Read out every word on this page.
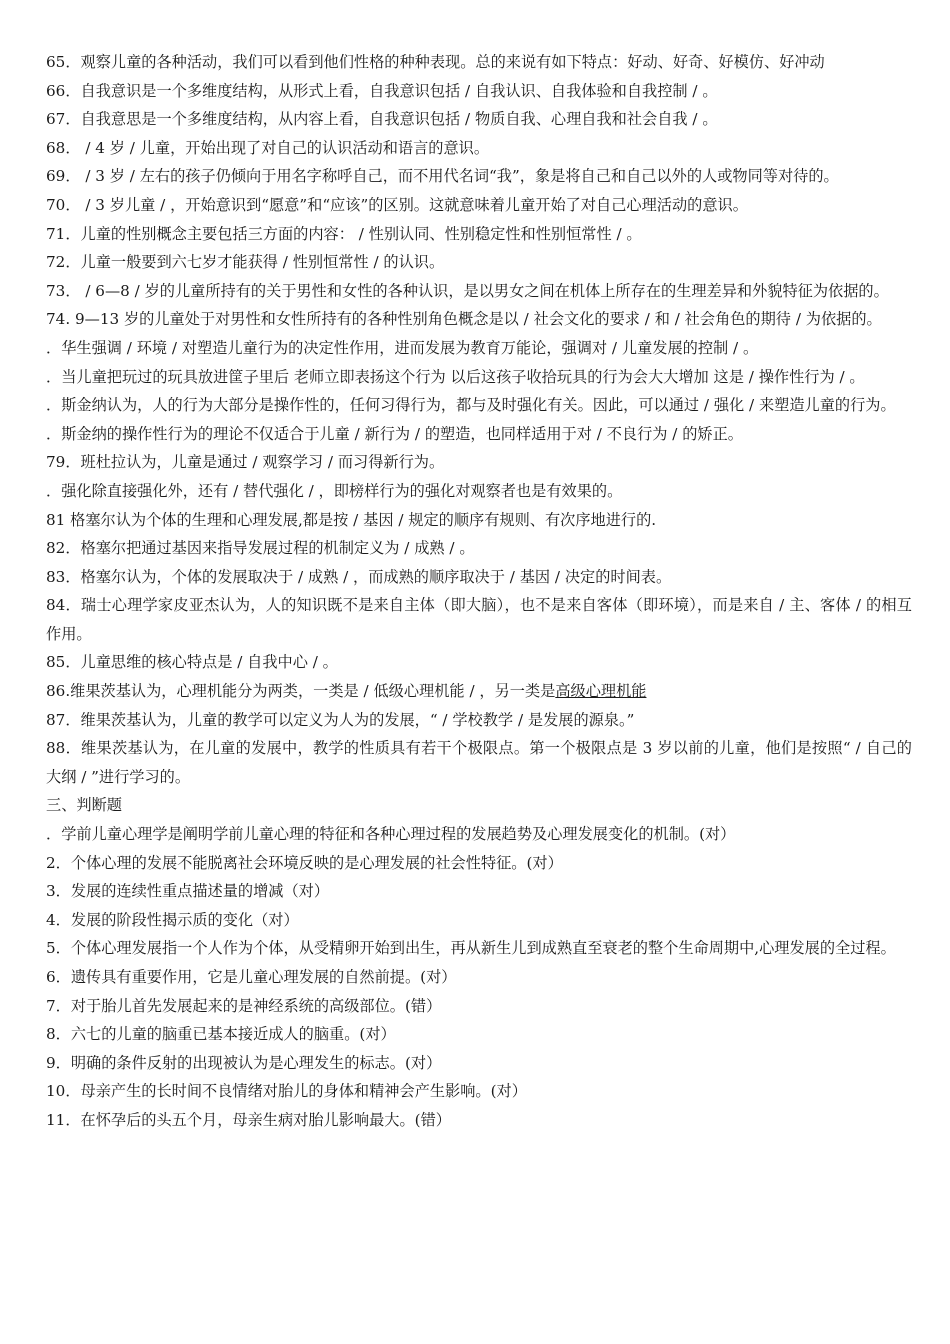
65．观察儿童的各种活动，我们可以看到他们性格的种种表现。总的来说有如下特点：好动、好奇、好模仿、好冲动

66．自我意识是一个多维度结构，从形式上看，自我意识包括 / 自我认识、自我体验和自我控制 / 。

67．自我意思是一个多维度结构，从内容上看，自我意识包括 / 物质自我、心理自我和社会自我 / 。

68． / 4 岁 / 儿童，开始出现了对自己的认识活动和语言的意识。

69． / 3 岁 / 左右的孩子仍倾向于用名字称呼自己，而不用代名词“我”，象是将自己和自己以外的人或物同等对待的。

70． / 3 岁儿童 / ，开始意识到“愿意”和“应该”的区别。这就意味着儿童开始了对自己心理活动的意识。

71．儿童的性别概念主要包括三方面的内容： / 性别认同、性别稳定性和性别恒常性 / 。

72．儿童一般要到六七岁才能获得 / 性别恒常性 / 的认识。

73． / 6—8 / 岁的儿童所持有的关于男性和女性的各种认识，是以男女之间在机体上所存在的生理差异和外貌特征为依据的。

74. 9—13 岁的儿童处于对男性和女性所持有的各种性别角色概念是以 / 社会文化的要求 / 和 / 社会角色的期待 / 为依据的。

．华生强调 / 环境 / 对塑造儿童行为的决定性作用，进而发展为教育万能论，强调对 / 儿童发展的控制 / 。

．当儿童把玩过的玩具放进筐子里后 老师立即表扬这个行为 以后这孩子收拾玩具的行为会大大增加 这是 / 操作性行为 / 。

．斯金纳认为，人的行为大部分是操作性的，任何习得行为，都与及时强化有关。因此，可以通过 / 强化 / 来塑造儿童的行为。

．斯金纳的操作性行为的理论不仅适合于儿童 / 新行为 / 的塑造，也同样适用于对 / 不良行为 / 的矫正。

79．班杜拉认为，儿童是通过 / 观察学习 / 而习得新行为。

．强化除直接强化外，还有 / 替代强化 / ，即榜样行为的强化对观察者也是有效果的。

81 格塞尔认为个体的生理和心理发展,都是按 / 基因 / 规定的顺序有规则、有次序地进行的.

82．格塞尔把通过基因来指导发展过程的机制定义为 / 成熟 / 。

83．格塞尔认为，个体的发展取决于 / 成熟 / ，而成熟的顺序取决于 / 基因 / 决定的时间表。

84．瑞士心理学家皮亚杰认为，人的知识既不是来自主体（即大脑），也不是来自客体（即环境），而是来自 / 主、客体 / 的相互作用。

85．儿童思维的核心特点是 / 自我中心 / 。

86.维果茨基认为，心理机能分为两类，一类是 / 低级心理机能 / ，另一类是高级心理机能

87．维果茨基认为，儿童的教学可以定义为人为的发展，“ / 学校教学 / 是发展的源泉。”

88．维果茨基认为，在儿童的发展中，教学的性质具有若干个极限点。第一个极限点是 3 岁以前的儿童，他们是按照“ / 自己的大纲 / ”进行学习的。

三、判断题

．学前儿童心理学是阐明学前儿童心理的特征和各种心理过程的发展趋势及心理发展变化的机制。(对）

2．个体心理的发展不能脱离社会环境反映的是心理发展的社会性特征。(对）

3．发展的连续性重点描述量的增减（对）

4．发展的阶段性揭示质的变化（对）

5．个体心理发展指一个人作为个体，从受精卵开始到出生，再从新生儿到成熟直至衰老的整个生命周期中,心理发展的全过程。

6．遗传具有重要作用，它是儿童心理发展的自然前提。(对）

7．对于胎儿首先发展起来的是神经系统的高级部位。(错）

8．六七的儿童的脑重已基本接近成人的脑重。(对）

9．明确的条件反射的出现被认为是心理发生的标志。(对）

10．母亲产生的长时间不良情绪对胎儿的身体和精神会产生影响。(对）

11．在怀孕后的头五个月，母亲生病对胎儿影响最大。(错）
